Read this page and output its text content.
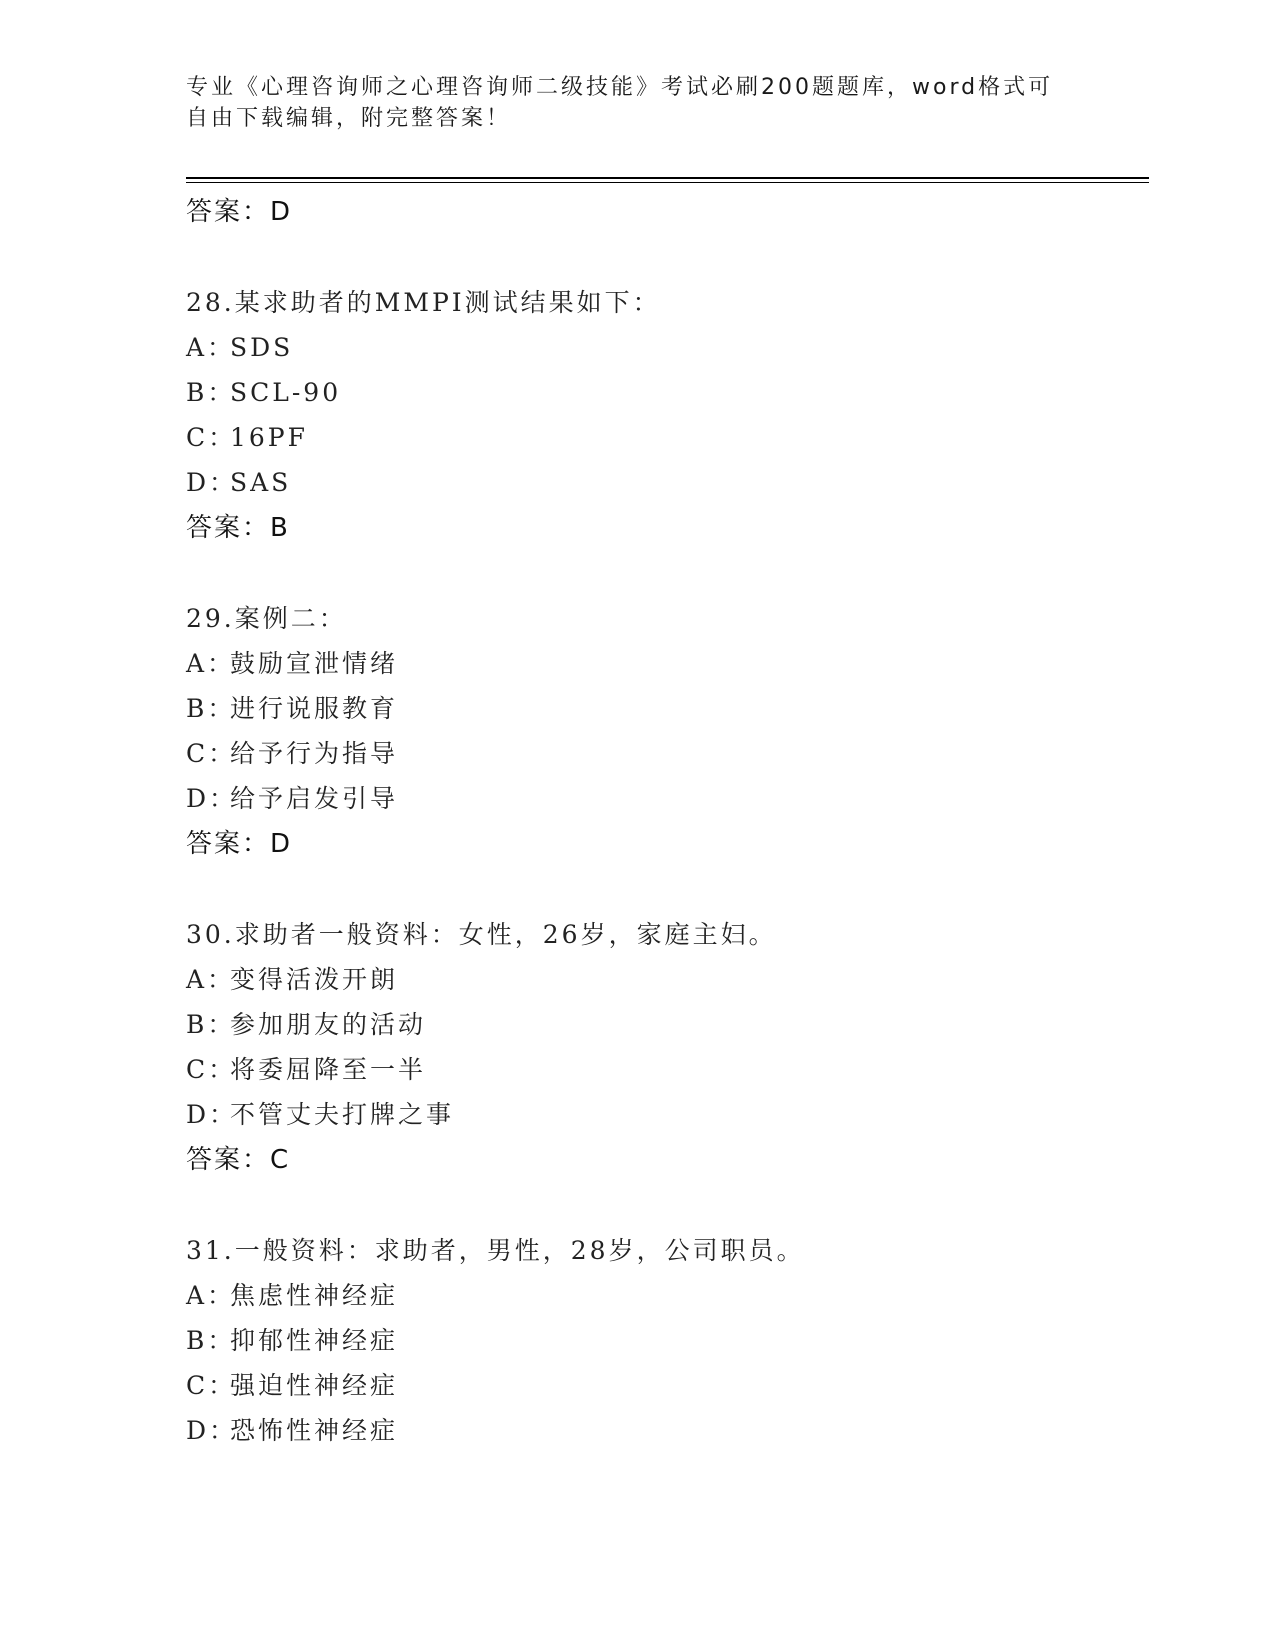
专业《心理咨询师之心理咨询师二级技能》考试必刷200题题库，word格式可自由下载编辑，附完整答案！
答案：D
28.某求助者的MMPI测试结果如下：
A：SDS
B：SCL-90
C：16PF
D：SAS
答案：B
29.案例二：
A：鼓励宣泄情绪
B：进行说服教育
C：给予行为指导
D：给予启发引导
答案：D
30.求助者一般资料：女性，26岁，家庭主妇。
A：变得活泼开朗
B：参加朋友的活动
C：将委屈降至一半
D：不管丈夫打牌之事
答案：C
31.一般资料：求助者，男性，28岁，公司职员。
A：焦虑性神经症
B：抑郁性神经症
C：强迫性神经症
D：恐怖性神经症
